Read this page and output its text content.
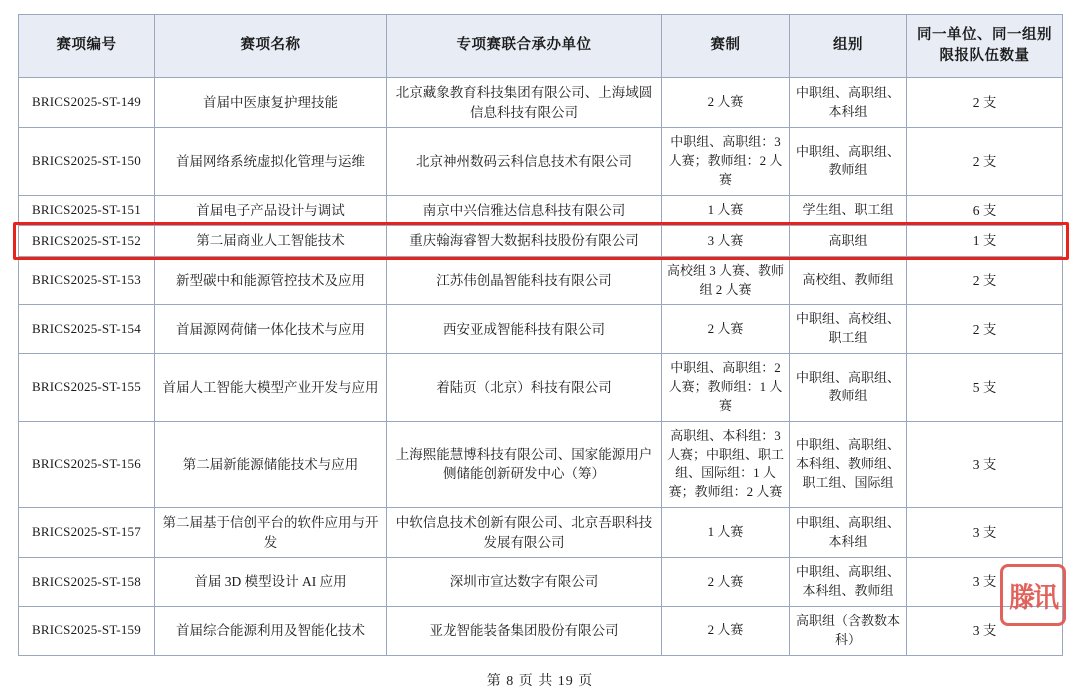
赛项编号	赛项名称	专项赛联合承办单位	赛制	组别	同一单位、同一组别限报队伍数量
BRICS2025-ST-149	首届中医康复护理技能	北京藏象教育科技集团有限公司、上海域圆信息科技有限公司	2 人赛	中职组、高职组、本科组	2 支
BRICS2025-ST-150	首届网络系统虚拟化管理与运维	北京神州数码云科信息技术有限公司	中职组、高职组：3 人赛；教师组：2 人赛	中职组、高职组、教师组	2 支
BRICS2025-ST-151	首届电子产品设计与调试	南京中兴信雅达信息科技有限公司	1 人赛	学生组、职工组	6 支
BRICS2025-ST-152	第二届商业人工智能技术	重庆翰海睿智大数据科技股份有限公司	3 人赛	高职组	1 支
BRICS2025-ST-153	新型碳中和能源管控技术及应用	江苏伟创晶智能科技有限公司	高校组 3 人赛、教师组 2 人赛	高校组、教师组	2 支
BRICS2025-ST-154	首届源网荷储一体化技术与应用	西安亚成智能科技有限公司	2 人赛	中职组、高校组、职工组	2 支
BRICS2025-ST-155	首届人工智能大模型产业开发与应用	着陆页（北京）科技有限公司	中职组、高职组：2 人赛；教师组：1 人赛	中职组、高职组、教师组	5 支
BRICS2025-ST-156	第二届新能源储能技术与应用	上海熙能慧博科技有限公司、国家能源用户侧储能创新研发中心（筹）	高职组、本科组：3 人赛；中职组、职工组、国际组：1 人赛；教师组：2 人赛	中职组、高职组、本科组、教师组、职工组、国际组	3 支
BRICS2025-ST-157	第二届基于信创平台的软件应用与开发	中软信息技术创新有限公司、北京吾职科技发展有限公司	1 人赛	中职组、高职组、本科组	3 支
BRICS2025-ST-158	首届 3D 模型设计 AI 应用	深圳市宣达数字有限公司	2 人赛	中职组、高职组、本科组、教师组	3 支
BRICS2025-ST-159	首届综合能源利用及智能化技术	亚龙智能装备集团股份有限公司	2 人赛	高职组（含教数本科）	3 支
第 8 页 共 19 页
滕讯
